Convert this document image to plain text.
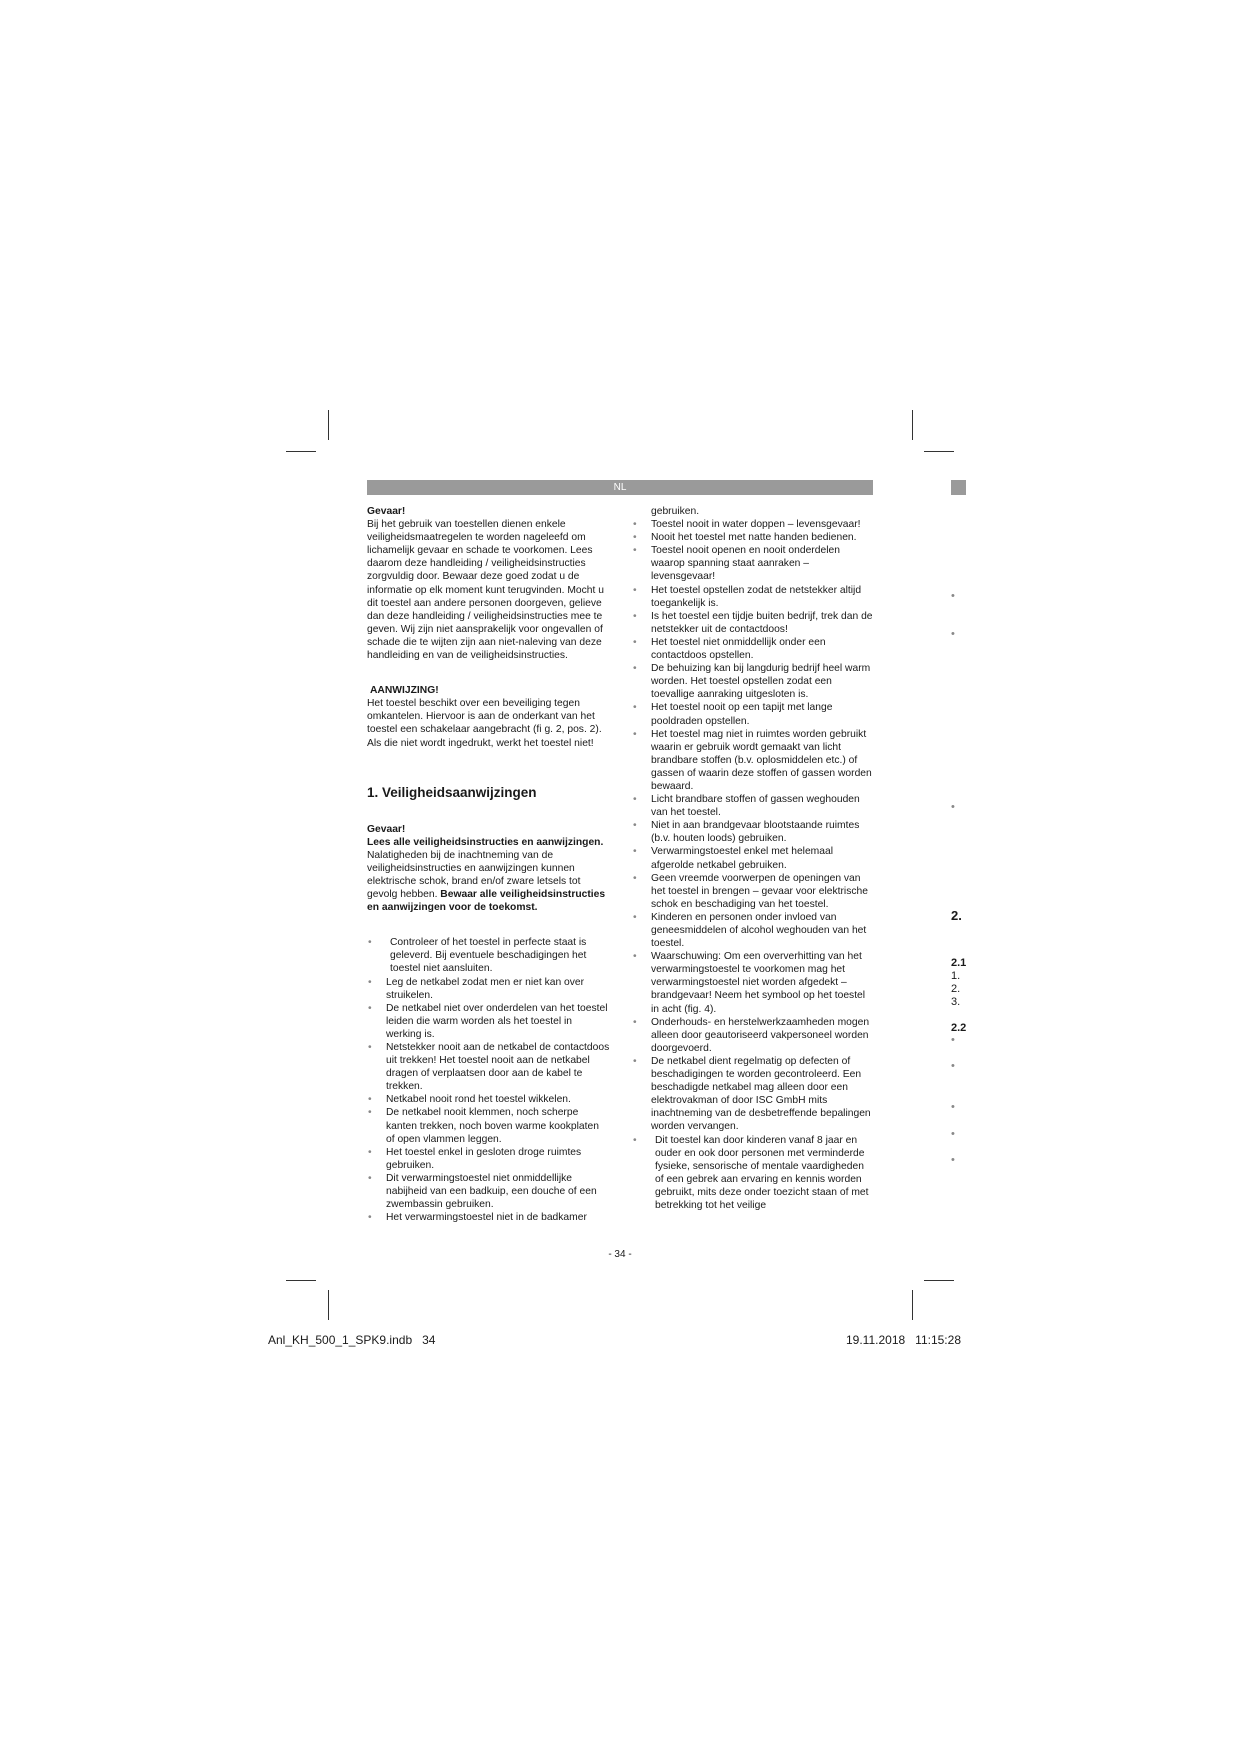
NL

Gevaar!

Bij het gebruik van toestellen dienen enkele veiligheidsmaatregelen te worden nageleefd om lichamelijk gevaar en schade te voorkomen. Lees daarom deze handleiding / veiligheidsinstructies zorgvuldig door. Bewaar deze goed zodat u de informatie op elk moment kunt terugvinden. Mocht u dit toestel aan andere personen doorgeven, gelieve dan deze handleiding / veiligheidsinstructies mee te geven. Wij zijn niet aansprakelijk voor ongevallen of schade die te wijten zijn aan niet-naleving van deze handleiding en van de veiligheidsinstructies.

AANWIJZING!

Het toestel beschikt over een beveiliging tegen omkantelen. Hiervoor is aan de onderkant van het toestel een schakelaar aangebracht (fi g. 2, pos. 2). Als die niet wordt ingedrukt, werkt het toestel niet!

1. Veiligheidsaanwijzingen

Gevaar!

Lees alle veiligheidsinstructies en aanwijzingen. Nalatigheden bij de inachtneming van de veiligheidsinstructies en aanwijzingen kunnen elektrische schok, brand en/of zware letsels tot gevolg hebben. Bewaar alle veiligheidsinstructies en aanwijzingen voor de toekomst.

• Controleer of het toestel in perfecte staat is geleverd. Bij eventuele beschadigingen het toestel niet aansluiten.
• Leg de netkabel zodat men er niet kan over struikelen.
• De netkabel niet over onderdelen van het toestel leiden die warm worden als het toestel in werking is.
• Netstekker nooit aan de netkabel de contactdoos uit trekken! Het toestel nooit aan de netkabel dragen of verplaatsen door aan de kabel te trekken.
• Netkabel nooit rond het toestel wikkelen.
• De netkabel nooit klemmen, noch scherpe kanten trekken, noch boven warme kookplaten of open vlammen leggen.
• Het toestel enkel in gesloten droge ruimtes gebruiken.
• Dit verwarmingstoestel niet onmiddellijke nabijheid van een badkuip, een douche of een zwembassin gebruiken.
• Het verwarmingstoestel niet in de badkamer

gebruiken.

• Toestel nooit in water doppen – levensgevaar!
• Nooit het toestel met natte handen bedienen.
• Toestel nooit openen en nooit onderdelen waarop spanning staat aanraken – levensgevaar!
• Het toestel opstellen zodat de netstekker altijd toegankelijk is.
• Is het toestel een tijdje buiten bedrijf, trek dan de netstekker uit de contactdoos!
• Het toestel niet onmiddellijk onder een contactdoos opstellen.
• De behuizing kan bij langdurig bedrijf heel warm worden. Het toestel opstellen zodat een toevallige aanraking uitgesloten is.
• Het toestel nooit op een tapijt met lange pooldraden opstellen.
• Het toestel mag niet in ruimtes worden gebruikt waarin er gebruik wordt gemaakt van licht brandbare stoffen (b.v. oplosmiddelen etc.) of gassen of waarin deze stoffen of gassen worden bewaard.
• Licht brandbare stoffen of gassen weghouden van het toestel.
• Niet in aan brandgevaar blootstaande ruimtes (b.v. houten loods) gebruiken.
• Verwarmingstoestel enkel met helemaal afgerolde netkabel gebruiken.
• Geen vreemde voorwerpen de openingen van het toestel in brengen – gevaar voor elektrische schok en beschadiging van het toestel.
• Kinderen en personen onder invloed van geneesmiddelen of alcohol weghouden van het toestel.
• Waarschuwing: Om een oververhitting van het verwarmingstoestel te voorkomen mag het verwarmingstoestel niet worden afgedekt – brandgevaar! Neem het symbool op het toestel in acht (fig. 4).
• Onderhouds- en herstelwerkzaamheden mogen alleen door geautoriseerd vakpersoneel worden doorgevoerd.
• De netkabel dient regelmatig op defecten of beschadigingen te worden gecontroleerd. Een beschadigde netkabel mag alleen door een elektrovakman of door ISC GmbH mits inachtneming van de desbetreffende bepalingen worden vervangen.
• Dit toestel kan door kinderen vanaf 8 jaar en ouder en ook door personen met verminderde fysieke, sensorische of mentale vaardigheden of een gebrek aan ervaring en kennis worden gebruikt, mits deze onder toezicht staan of met betrekking tot het veilige
•
•
•
2.
2.1
1.
2.
3.
2.2
•
•
•
•
•
- 34 -
Anl_KH_500_1_SPK9.indb   34	19.11.2018   11:15:28
